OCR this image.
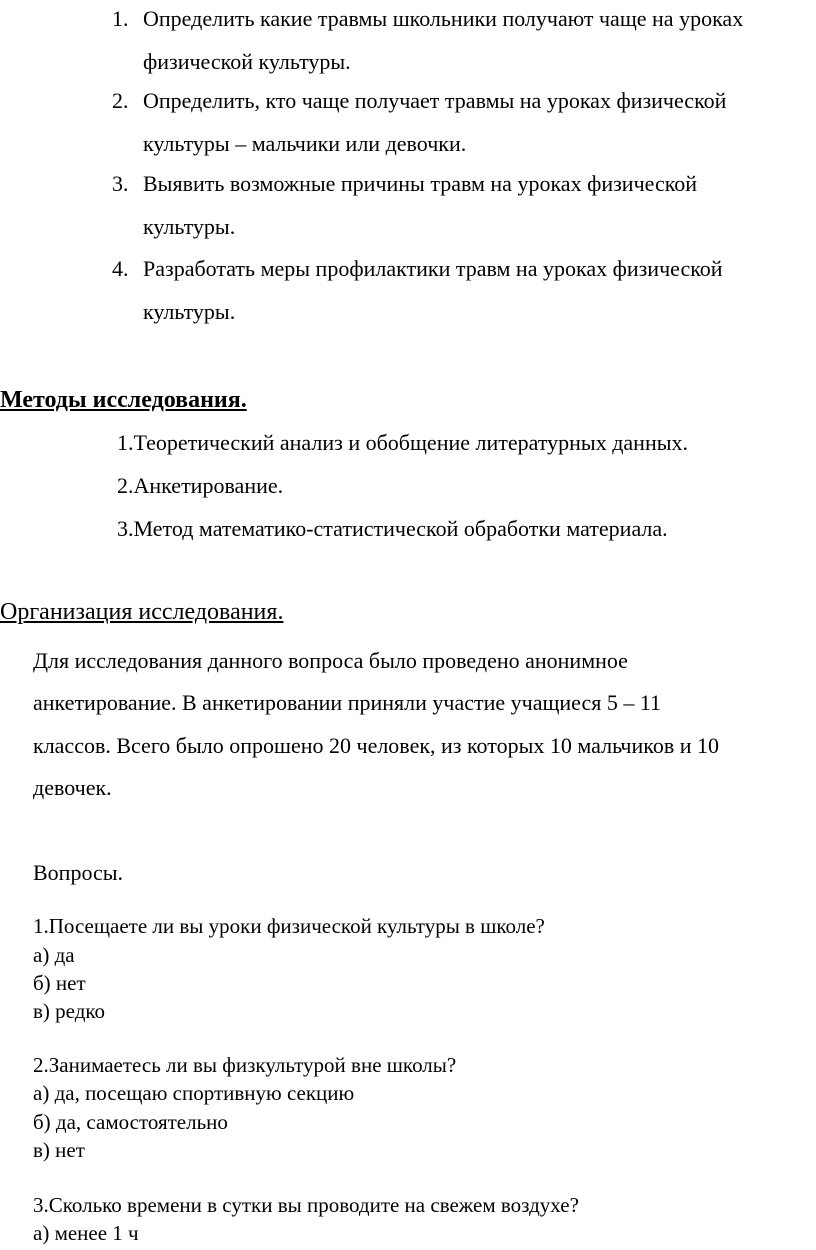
1. Определить какие травмы школьники получают чаще на уроках
физической культуры.
2. Определить, кто чаще получает травмы на уроках физической
культуры – мальчики или девочки.
3. Выявить возможные причины травм на уроках физической
культуры.
4. Разработать меры профилактики травм на уроках физической
культуры.
Методы исследования.
1.Теоретический анализ и обобщение литературных данных.
2.Анкетирование.
3.Метод математико-статистической обработки материала.
Организация исследования.
Для исследования данного вопроса было проведено анонимное
анкетирование. В анкетировании приняли участие учащиеся 5 – 11
классов. Всего было опрошено 20 человек, из которых 10 мальчиков и 10
девочек.
Вопросы.
1.Посещаете ли вы уроки физической культуры в школе?
а) да
б) нет
в) редко
2.Занимаетесь ли вы физкультурой вне школы?
а) да, посещаю спортивную секцию
б) да, самостоятельно
в) нет
3.Сколько времени в сутки вы проводите на свежем воздухе?
а) менее 1 ч
